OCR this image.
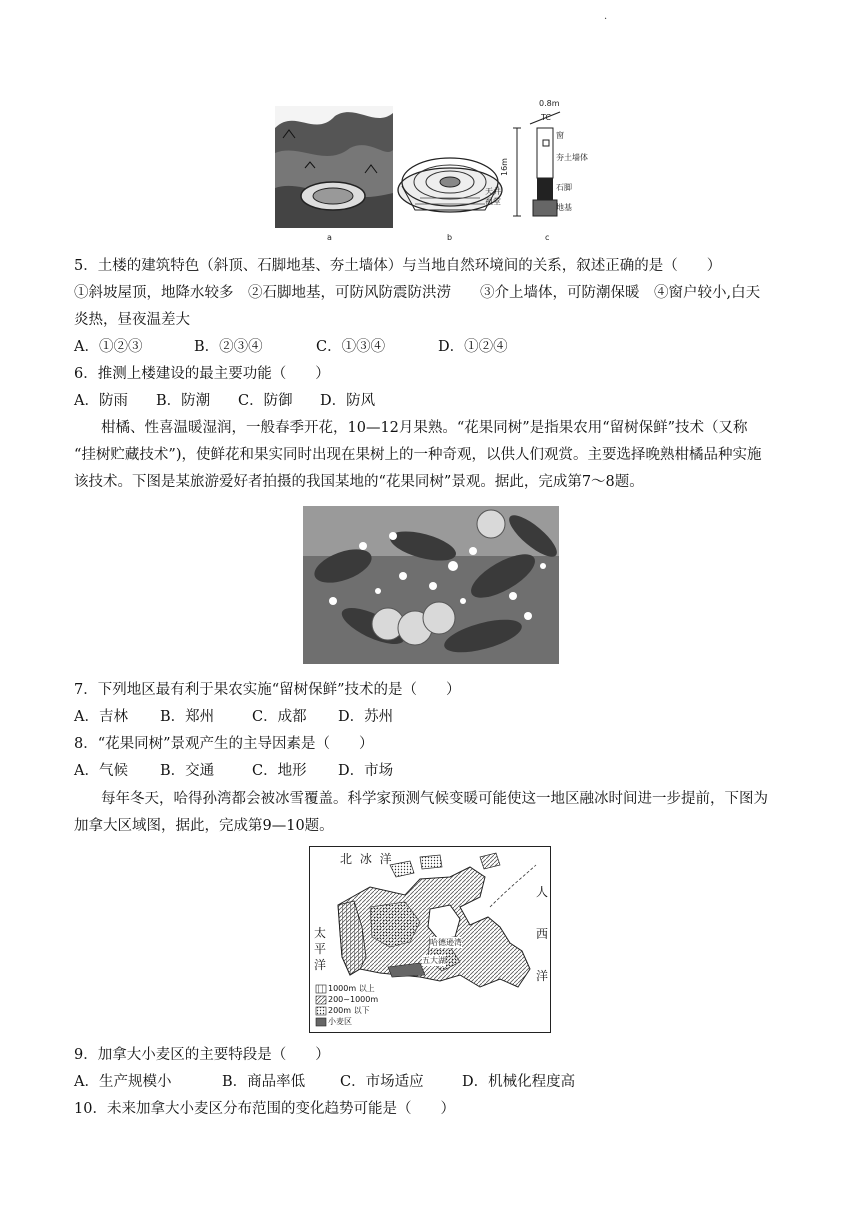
·
a	b
天井
祖堂
0.8m
TC
16m
窗
夯土墙体
石脚
地基
c
5．土楼的建筑特色（斜顶、石脚地基、夯土墙体）与当地自然环境间的关系，叙述正确的是（　　）
①斜坡屋顶，地降水较多　②石脚地基，可防风防震防洪涝　　③介上墙体，可防潮保暖　④窗户较小,白天
炎热，昼夜温差大
A．①②③	B．②③④	C．①③④	D．①②④
6．推测上楼建设的最主要功能（　　）
A．防雨 B．防潮 C．防御 D．防风
柑橘、性喜温暖湿润，一般春季开花，10—12月果熟。“花果同树”是指果农用“留树保鲜”技术（又称
“挂树贮藏技术”)，使鲜花和果实同时出现在果树上的一种奇观，以供人们观赏。主要选择晚熟柑橘品种实施
该技术。下图是某旅游爱好者拍摄的我国某地的“花果同树”景观。据此，完成第7～8题。
7．下列地区最有利于果农实施“留树保鲜”技术的是（　　）
A．吉林 B．郑州	C．成都 D．苏州
8．“花果同树”景观产生的主导因素是（　　）
A．气候 B．交通	C．地形 D．市场
每年冬天，哈得孙湾都会被冰雪覆盖。科学家预测气候变暖可能使这一地区融冰时间进一步提前，下图为
加拿大区域图，据此，完成第9—10题。
北 冰 洋
太
平
洋
人
西
洋
哈德逊湾
五大湖
1000m 以上
200~1000m
200m 以下
小麦区
9．加拿大小麦区的主要特段是（　　）
A．生产规模小	B．商品率低 C．市场适应	D．机械化程度高
10．未来加拿大小麦区分布范围的变化趋势可能是（　　）
